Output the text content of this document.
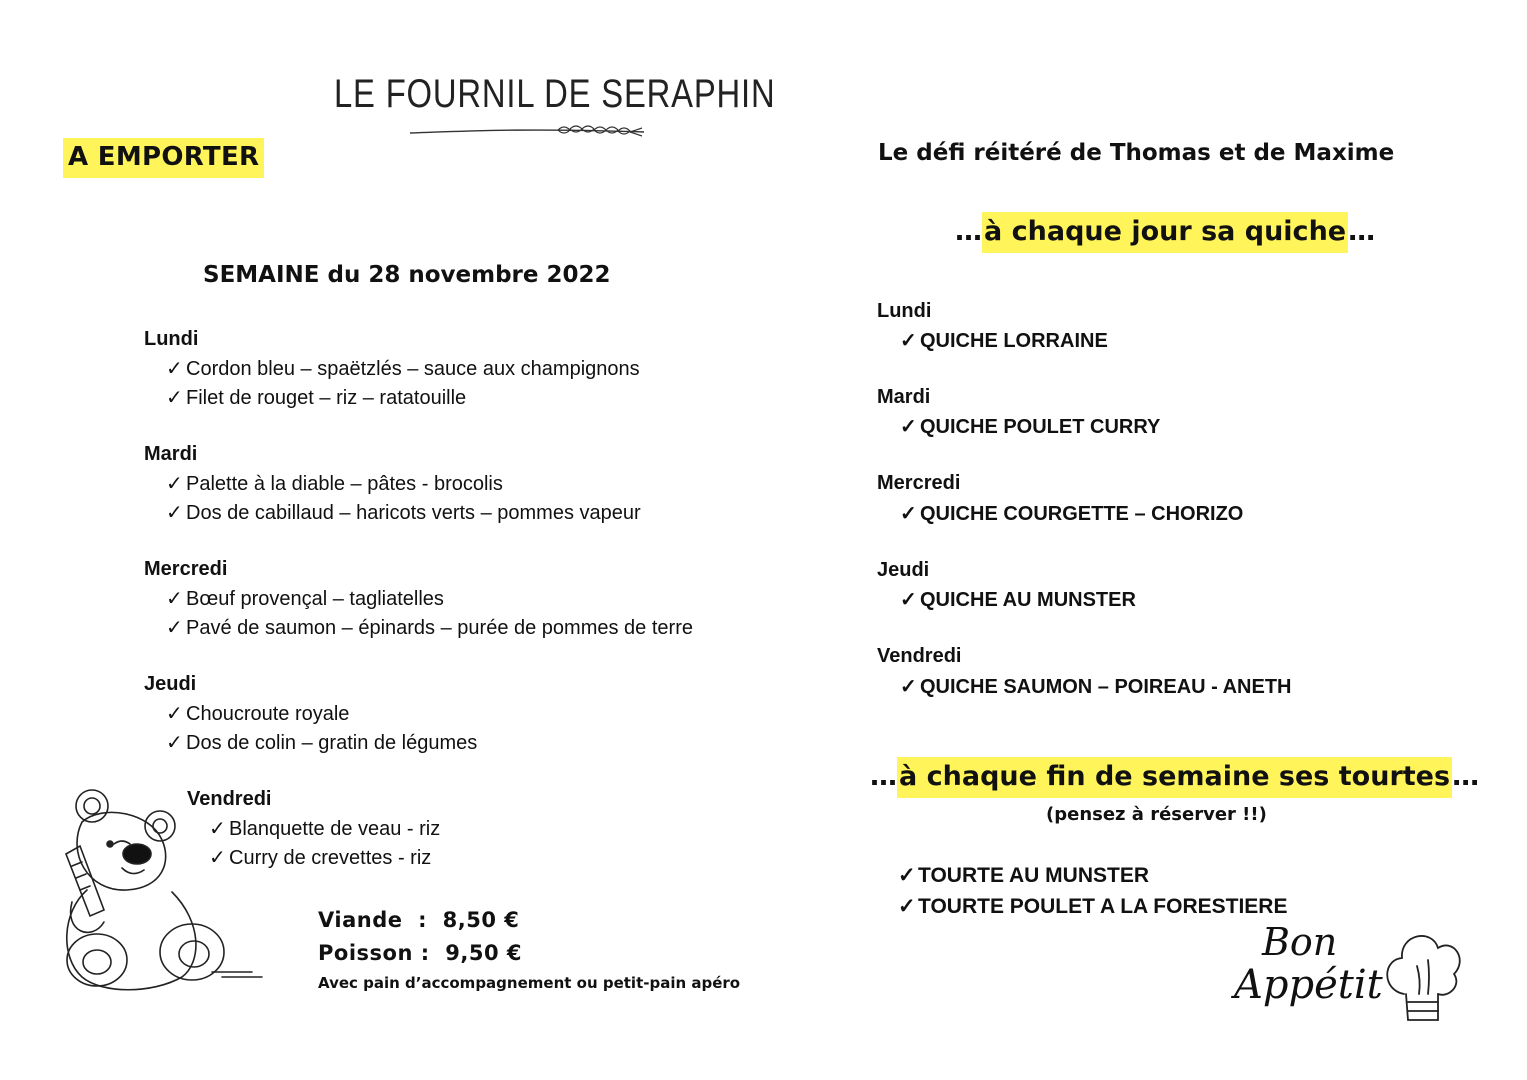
LE FOURNIL DE SERAPHIN
A EMPORTER
SEMAINE du 28 novembre 2022
Lundi
✓ Cordon bleu – spaëtzlés – sauce aux champignons
✓ Filet de rouget – riz – ratatouille
Mardi
✓ Palette à la diable – pâtes - brocolis
✓ Dos de cabillaud – haricots verts – pommes vapeur
Mercredi
✓ Bœuf provençal – tagliatelles
✓ Pavé de saumon – épinards – purée de pommes de terre
Jeudi
✓ Choucroute royale
✓ Dos de colin – gratin de légumes
Vendredi
✓ Blanquette de veau - riz
✓ Curry de crevettes - riz
Viande  :  8,50 €
Poisson :  9,50 €
Avec pain d’accompagnement ou petit-pain apéro
Le défi réitéré de Thomas et de Maxime
…à chaque jour sa quiche…
Lundi
✓ QUICHE LORRAINE
Mardi
✓ QUICHE POULET CURRY
Mercredi
✓ QUICHE COURGETTE – CHORIZO
Jeudi
✓ QUICHE AU MUNSTER
Vendredi
✓ QUICHE SAUMON – POIREAU - ANETH
…à chaque fin de semaine ses tourtes…
(pensez à réserver !!)
✓ TOURTE AU MUNSTER
✓ TOURTE POULET A LA FORESTIERE
Bon
Appétit
